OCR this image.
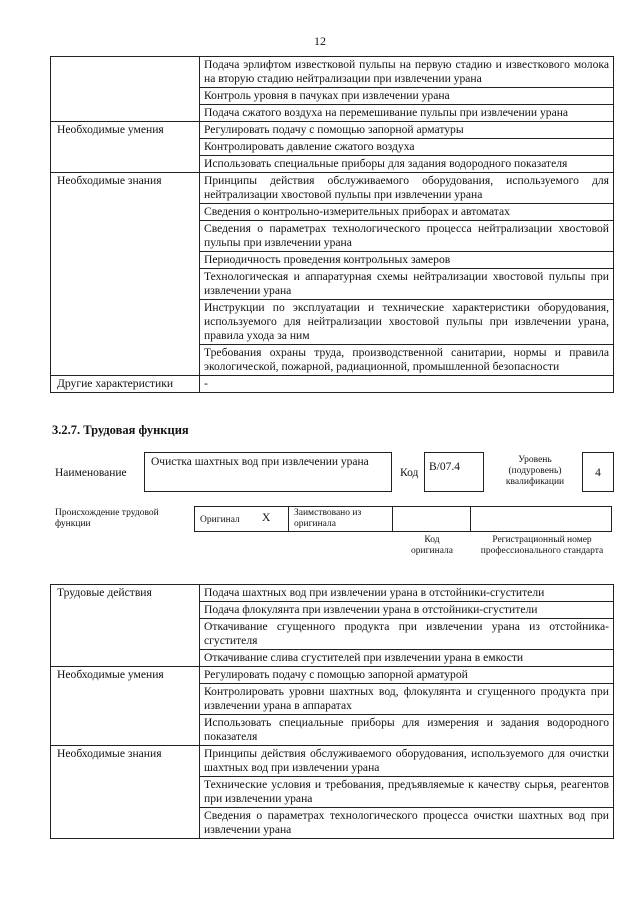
12
	Подача эрлифтом известковой пульпы на первую стадию и известкового молока на вторую стадию нейтрализации при извлечении урана
	Контроль уровня в пачуках при извлечении урана
	Подача сжатого воздуха на перемешивание пульпы при извлечении урана
Необходимые умения	Регулировать подачу с помощью запорной арматуры
	Контролировать давление сжатого воздуха
	Использовать специальные приборы для задания водородного показателя
Необходимые знания	Принципы действия обслуживаемого оборудования, используемого для нейтрализации хвостовой пульпы при извлечении урана
	Сведения о контрольно-измерительных приборах и автоматах
	Сведения о параметрах технологического процесса нейтрализации хвостовой пульпы при извлечении урана
	Периодичность проведения контрольных замеров
	Технологическая и аппаратурная схемы нейтрализации хвостовой пульпы при извлечении урана
	Инструкции по эксплуатации и технические характеристики оборудования, используемого для нейтрализации хвостовой пульпы при извлечении урана, правила ухода за ним
	Требования охраны труда, производственной санитарии, нормы и правила экологической, пожарной, радиационной, промышленной безопасности
Другие характеристики	-
3.2.7. Трудовая функция
Наименование
Очистка шахтных вод при извлечении урана
Код B/07.4
Уровень (подуровень) квалификации
4
Происхождение трудовой функции	Оригинал X Заимствовано из оригинала
Код оригинала
Регистрационный номер профессионального стандарта
Трудовые действия	Подача шахтных вод при извлечении урана в отстойники-сгустители
	Подача флокулянта при извлечении урана в отстойники-сгустители
	Откачивание сгущенного продукта при извлечении урана из отстойника-сгустителя
	Откачивание слива сгустителей при извлечении урана в емкости
Необходимые умения	Регулировать подачу с помощью запорной арматурой
	Контролировать уровни шахтных вод, флокулянта и сгущенного продукта при извлечении урана в аппаратах
	Использовать специальные приборы для измерения и задания водородного показателя
Необходимые знания	Принципы действия обслуживаемого оборудования, используемого для очистки шахтных вод при извлечении урана
	Технические условия и требования, предъявляемые к качеству сырья, реагентов при извлечении урана
	Сведения о параметрах технологического процесса очистки шахтных вод при извлечении урана
